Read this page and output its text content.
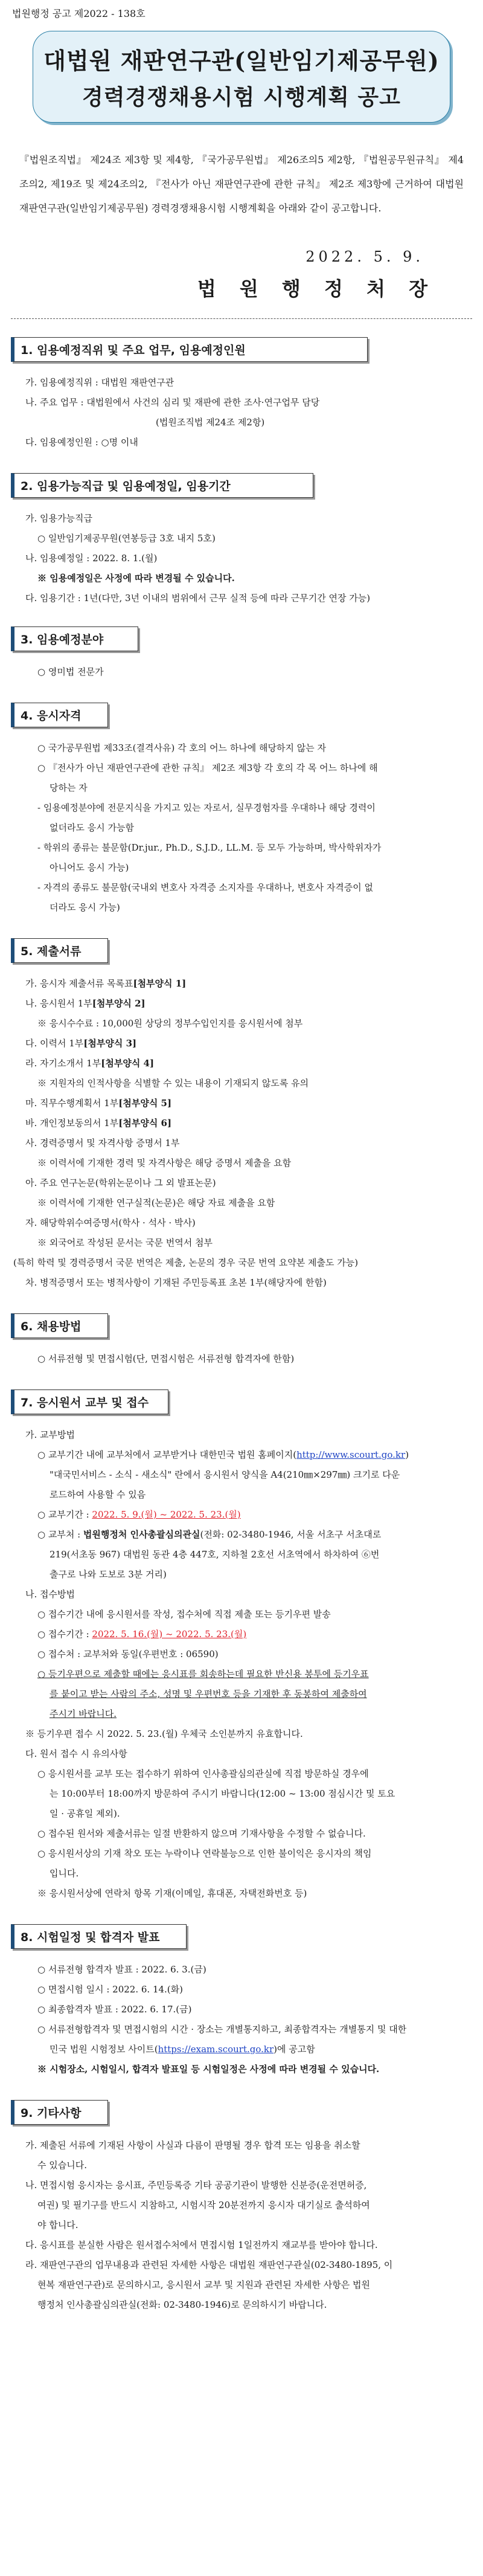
법원행정 공고 제2022 - 138호
대법원 재판연구관(일반임기제공무원)
경력경쟁채용시험 시행계획 공고
『법원조직법』 제24조 제3항 및 제4항, 『국가공무원법』 제26조의5 제2항, 『법원공무원규칙』 제4조의2, 제19조 및 제24조의2, 『전사가 아닌 재판연구관에 관한 규칙』 제2조 제3항에 근거하여 대법원 재판연구관(일반임기제공무원) 경력경쟁채용시험 시행계획을 아래와 같이 공고합니다.
2022. 5. 9.
법 원 행 정 처 장
1. 임용예정직위 및 주요 업무, 임용예정인원
가. 임용예정직위 : 대법원 재판연구관
나. 주요 업무 : 대법원에서 사건의 심리 및 재판에 관한 조사·연구업무 담당
(법원조직법 제24조 제2항)
다. 임용예정인원 : ○명 이내
2. 임용가능직급 및 임용예정일, 임용기간
가. 임용가능직급
○ 일반임기제공무원(연봉등급 3호 내지 5호)
나. 임용예정일 : 2022. 8. 1.(월)
※ 임용예정일은 사정에 따라 변경될 수 있습니다.
다. 임용기간 : 1년(다만, 3년 이내의 범위에서 근무 실적 등에 따라 근무기간 연장 가능)
3. 임용예정분야
○ 영미법 전문가
4. 응시자격
○ 국가공무원법 제33조(결격사유) 각 호의 어느 하나에 해당하지 않는 자
○ 『전사가 아닌 재판연구관에 관한 규칙』 제2조 제3항 각 호의 각 목 어느 하나에 해
당하는 자
- 임용예정분야에 전문지식을 가지고 있는 자로서, 실무경험자를 우대하나 해당 경력이
없더라도 응시 가능함
- 학위의 종류는 불문함(Dr.jur., Ph.D., S.J.D., LL.M. 등 모두 가능하며, 박사학위자가
아니어도 응시 가능)
- 자격의 종류도 불문함(국내외 변호사 자격증 소지자를 우대하나, 변호사 자격증이 없
더라도 응시 가능)
5. 제출서류
가. 응시자 제출서류 목록표[첨부양식 1]
나. 응시원서 1부[첨부양식 2]
※ 응시수수료 : 10,000원 상당의 정부수입인지를 응시원서에 첨부
다. 이력서 1부[첨부양식 3]
라. 자기소개서 1부[첨부양식 4]
※ 지원자의 인적사항을 식별할 수 있는 내용이 기재되지 않도록 유의
마. 직무수행계획서 1부[첨부양식 5]
바. 개인정보동의서 1부[첨부양식 6]
사. 경력증명서 및 자격사항 증명서 1부
※ 이력서에 기재한 경력 및 자격사항은 해당 증명서 제출을 요함
아. 주요 연구논문(학위논문이나 그 외 발표논문)
※ 이력서에 기재한 연구실적(논문)은 해당 자료 제출을 요함
자. 해당학위수여증명서(학사 · 석사 · 박사)
※ 외국어로 작성된 문서는 국문 번역서 첨부
(특히 학력 및 경력증명서 국문 번역은 제출, 논문의 경우 국문 번역 요약본 제출도 가능)
차. 병적증명서 또는 병적사항이 기재된 주민등록표 초본 1부(해당자에 한함)
6. 채용방법
○ 서류전형 및 면접시험(단, 면접시험은 서류전형 합격자에 한함)
7. 응시원서 교부 및 접수
가. 교부방법
○ 교부기간 내에 교부처에서 교부받거나 대한민국 법원 홈페이지(http://www.scourt.go.kr)
"대국민서비스 - 소식 - 새소식" 란에서 응시원서 양식을 A4(210㎜×297㎜) 크기로 다운
로드하여 사용할 수 있음
○ 교부기간 : 2022. 5. 9.(월) ~ 2022. 5. 23.(월)
○ 교부처 : 법원행정처 인사총괄심의관실(전화: 02-3480-1946, 서울 서초구 서초대로
219(서초동 967) 대법원 동관 4층 447호, 지하철 2호선 서초역에서 하차하여 ⑥번
출구로 나와 도보로 3분 거리)
나. 접수방법
○ 접수기간 내에 응시원서를 작성, 접수처에 직접 제출 또는 등기우편 발송
○ 접수기간 : 2022. 5. 16.(월) ~ 2022. 5. 23.(월)
○ 접수처 : 교부처와 동일(우편번호 : 06590)
○ 등기우편으로 제출할 때에는 응시표를 회송하는데 필요한 반신용 봉투에 등기우표
를 붙이고 받는 사람의 주소, 성명 및 우편번호 등을 기재한 후 동봉하여 제출하여
주시기 바랍니다.
※ 등기우편 접수 시 2022. 5. 23.(월) 우체국 소인분까지 유효합니다.
다. 원서 접수 시 유의사항
○ 응시원서를 교부 또는 접수하기 위하여 인사총괄심의관실에 직접 방문하실 경우에
는 10:00부터 18:00까지 방문하여 주시기 바랍니다(12:00 ~ 13:00 점심시간 및 토요
일 · 공휴일 제외).
○ 접수된 원서와 제출서류는 일절 반환하지 않으며 기재사항을 수정할 수 없습니다.
○ 응시원서상의 기재 착오 또는 누락이나 연락불능으로 인한 불이익은 응시자의 책임
입니다.
※ 응시원서상에 연락처 항목 기재(이메일, 휴대폰, 자택전화번호 등)
8. 시험일정 및 합격자 발표
○ 서류전형 합격자 발표 : 2022. 6. 3.(금)
○ 면접시험 일시 : 2022. 6. 14.(화)
○ 최종합격자 발표 : 2022. 6. 17.(금)
○ 서류전형합격자 및 면접시험의 시간 · 장소는 개별통지하고, 최종합격자는 개별통지 및 대한
민국 법원 시험정보 사이트(https://exam.scourt.go.kr)에 공고함
※ 시험장소, 시험일시, 합격자 발표일 등 시험일정은 사정에 따라 변경될 수 있습니다.
9. 기타사항
가. 제출된 서류에 기재된 사항이 사실과 다름이 판명될 경우 합격 또는 임용을 취소할
수 있습니다.
나. 면접시험 응시자는 응시표, 주민등록증 기타 공공기관이 발행한 신분증(운전면허증,
여권) 및 필기구를 반드시 지참하고, 시험시작 20분전까지 응시자 대기실로 출석하여
야 합니다.
다. 응시표를 분실한 사람은 원서접수처에서 면접시험 1일전까지 재교부를 받아야 합니다.
라. 재판연구관의 업무내용과 관련된 자세한 사항은 대법원 재판연구관실(02-3480-1895, 이
현복 재판연구관)로 문의하시고, 응시원서 교부 및 지원과 관련된 자세한 사항은 법원
행정처 인사총괄심의관실(전화: 02-3480-1946)로 문의하시기 바랍니다.
